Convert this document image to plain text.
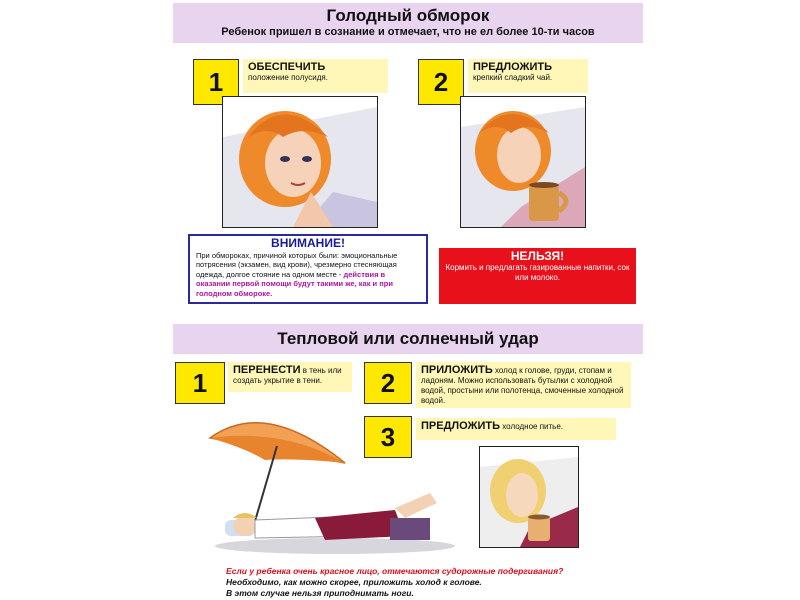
Голодный обморок
Ребенок пришел в сознание и отмечает, что не ел более 10-ти часов
1	ОБЕСПЕЧИТЬ
положение полусидя.	2	ПРЕДЛОЖИТЬ
крепкий сладкий чай.
ВНИМАНИЕ!
При обмороках, причиной которых были: эмоциональные потрясения (экзамен, вид крови), чрезмерно стесняющая одежда, долгое стояние на одном месте - действия в оказании первой помощи будут такими же, как и при голодном обмороке.
НЕЛЬЗЯ!
Кормить и предлагать газированные напитки, сок или молоко.
Тепловой или солнечный удар
1	ПЕРЕНЕСТИ в тень или создать укрытие в тени.	2	ПРИЛОЖИТЬ холод к голове, груди, стопам и ладоням. Можно использовать бутылки с холодной водой, простыни или полотенца, смоченные холодной водой.
3	ПРЕДЛОЖИТЬ холодное питье.
Если у ребенка очень красное лицо, отмечаются судорожные подергивания?
Необходимо, как можно скорее, приложить холод к голове.
В этом случае нельзя приподнимать ноги.
